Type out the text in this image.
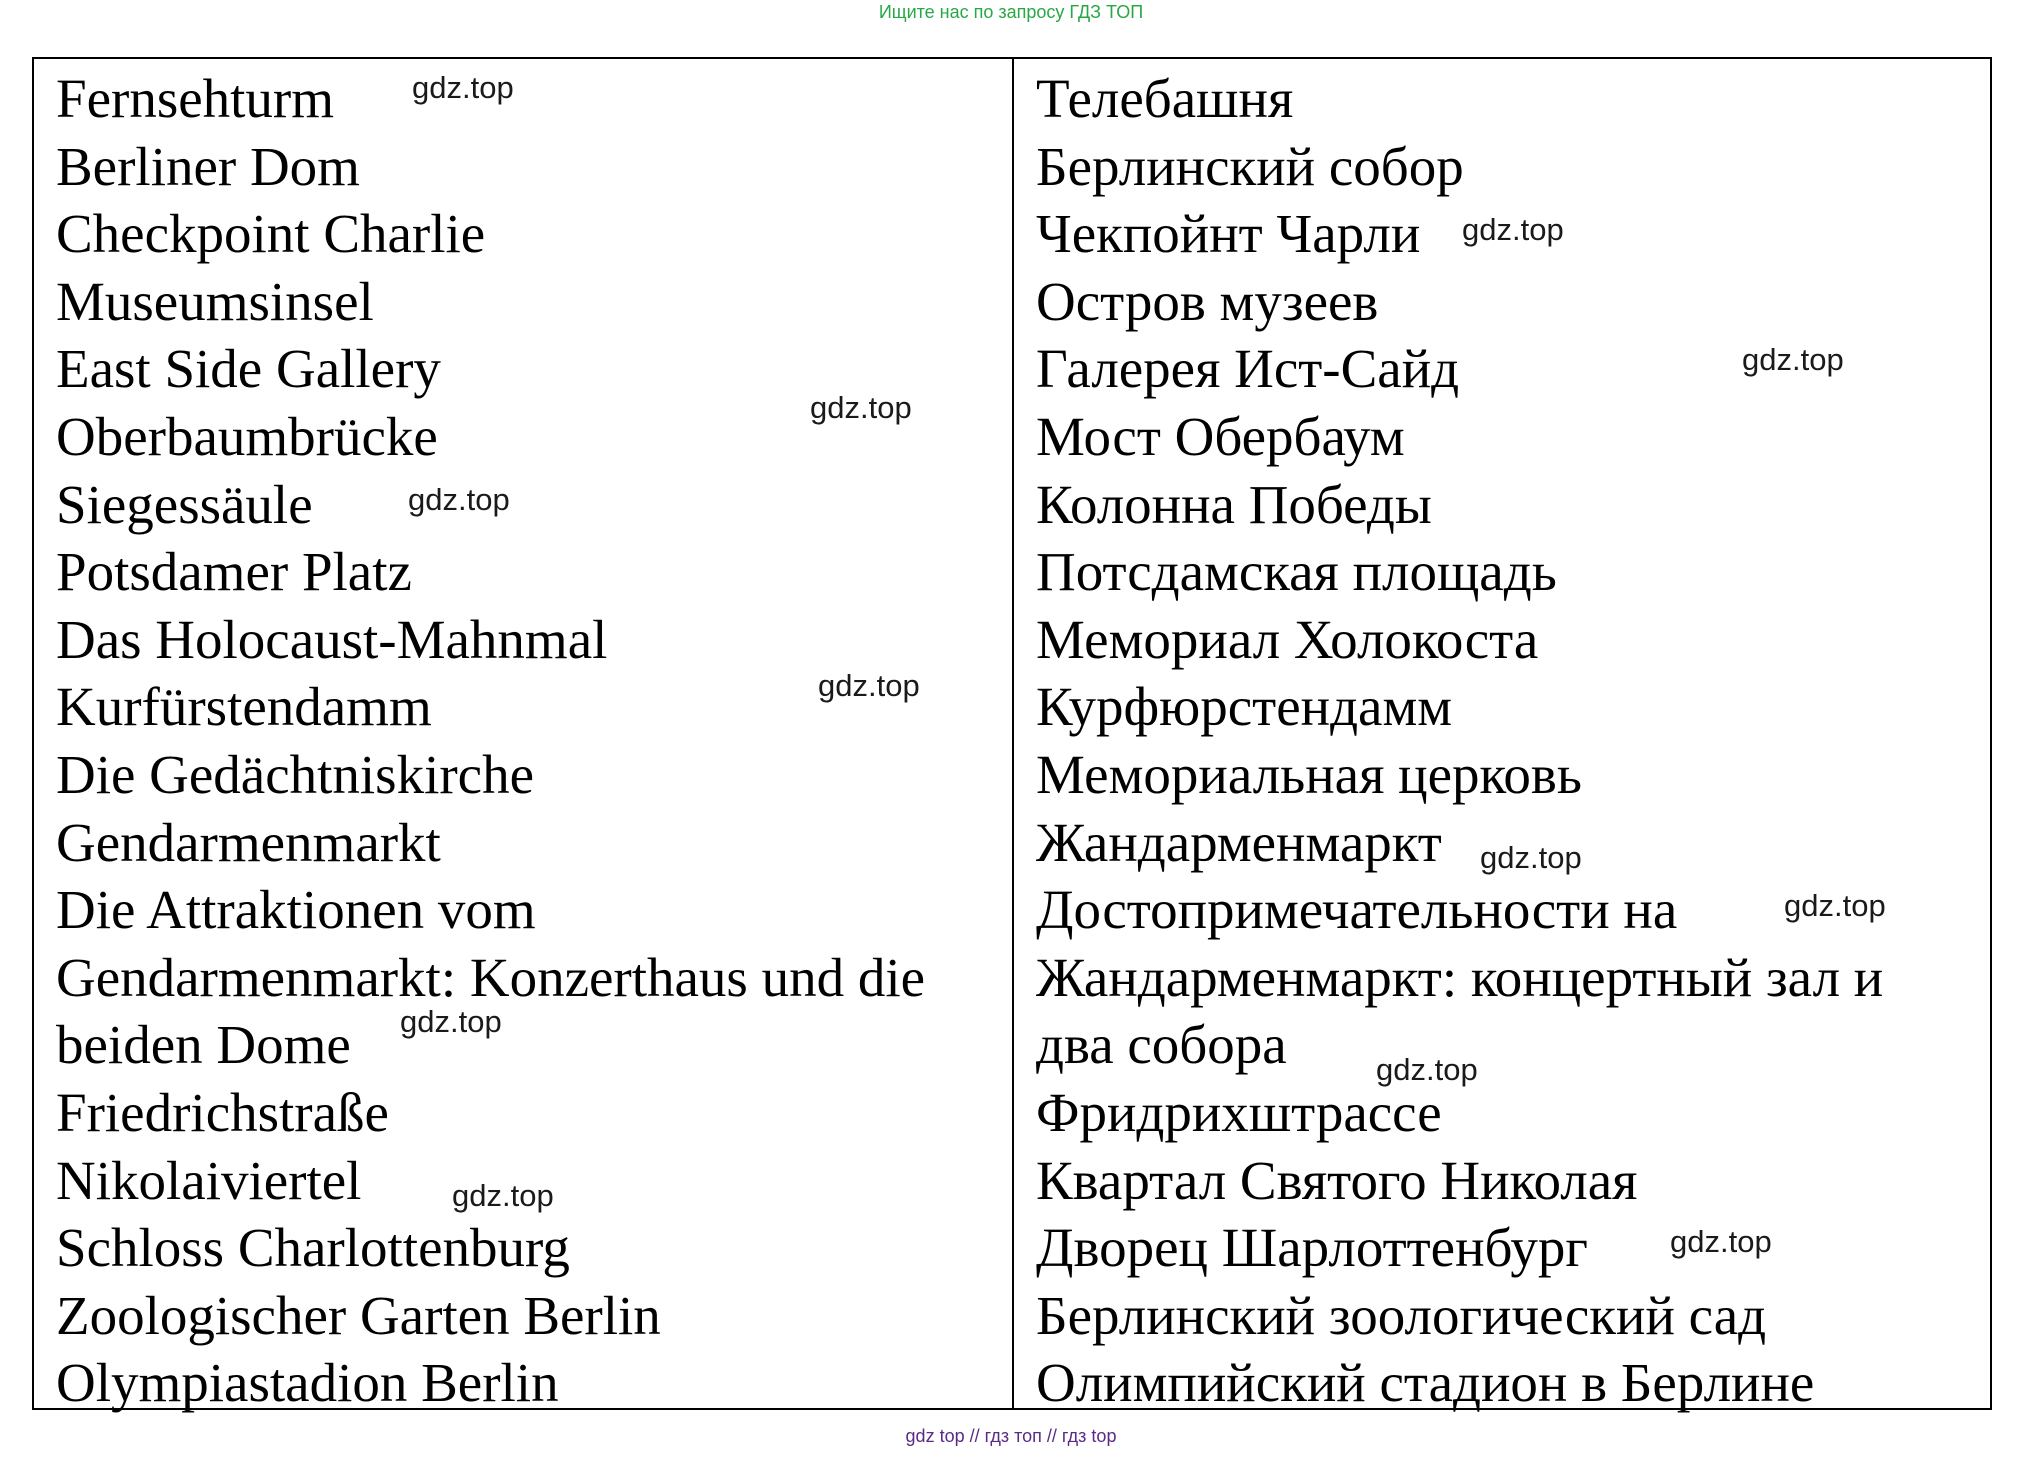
Ищите нас по запросу ГДЗ ТОП
Fernsehturm
Berliner Dom
Checkpoint Charlie
Museumsinsel
East Side Gallery
Oberbaumbrücke
Siegessäule
Potsdamer Platz
Das Holocaust-Mahnmal
Kurfürstendamm
Die Gedächtniskirche
Gendarmenmarkt
Die Attraktionen vom
Gendarmenmarkt: Konzerthaus und die
beiden Dome
Friedrichstraße
Nikolaiviertel
Schloss Charlottenburg
Zoologischer Garten Berlin
Olympiastadion Berlin
Телебашня
Берлинский собор
Чекпойнт Чарли
Остров музеев
Галерея Ист-Сайд
Мост Обербаум
Колонна Победы
Потсдамская площадь
Мемориал Холокоста
Курфюрстендамм
Мемориальная церковь
Жандарменмаркт
Достопримечательности на
Жандарменмаркт: концертный зал и
два собора
Фридрихштрассе
Квартал Святого Николая
Дворец Шарлоттенбург
Берлинский зоологический сад
Олимпийский стадион в Берлине
gdz.top
gdz.top
gdz.top
gdz.top
gdz.top
gdz.top
gdz.top
gdz.top
gdz.top
gdz.top
gdz.top
gdz.top
gdz top // гдз топ // гдз top
